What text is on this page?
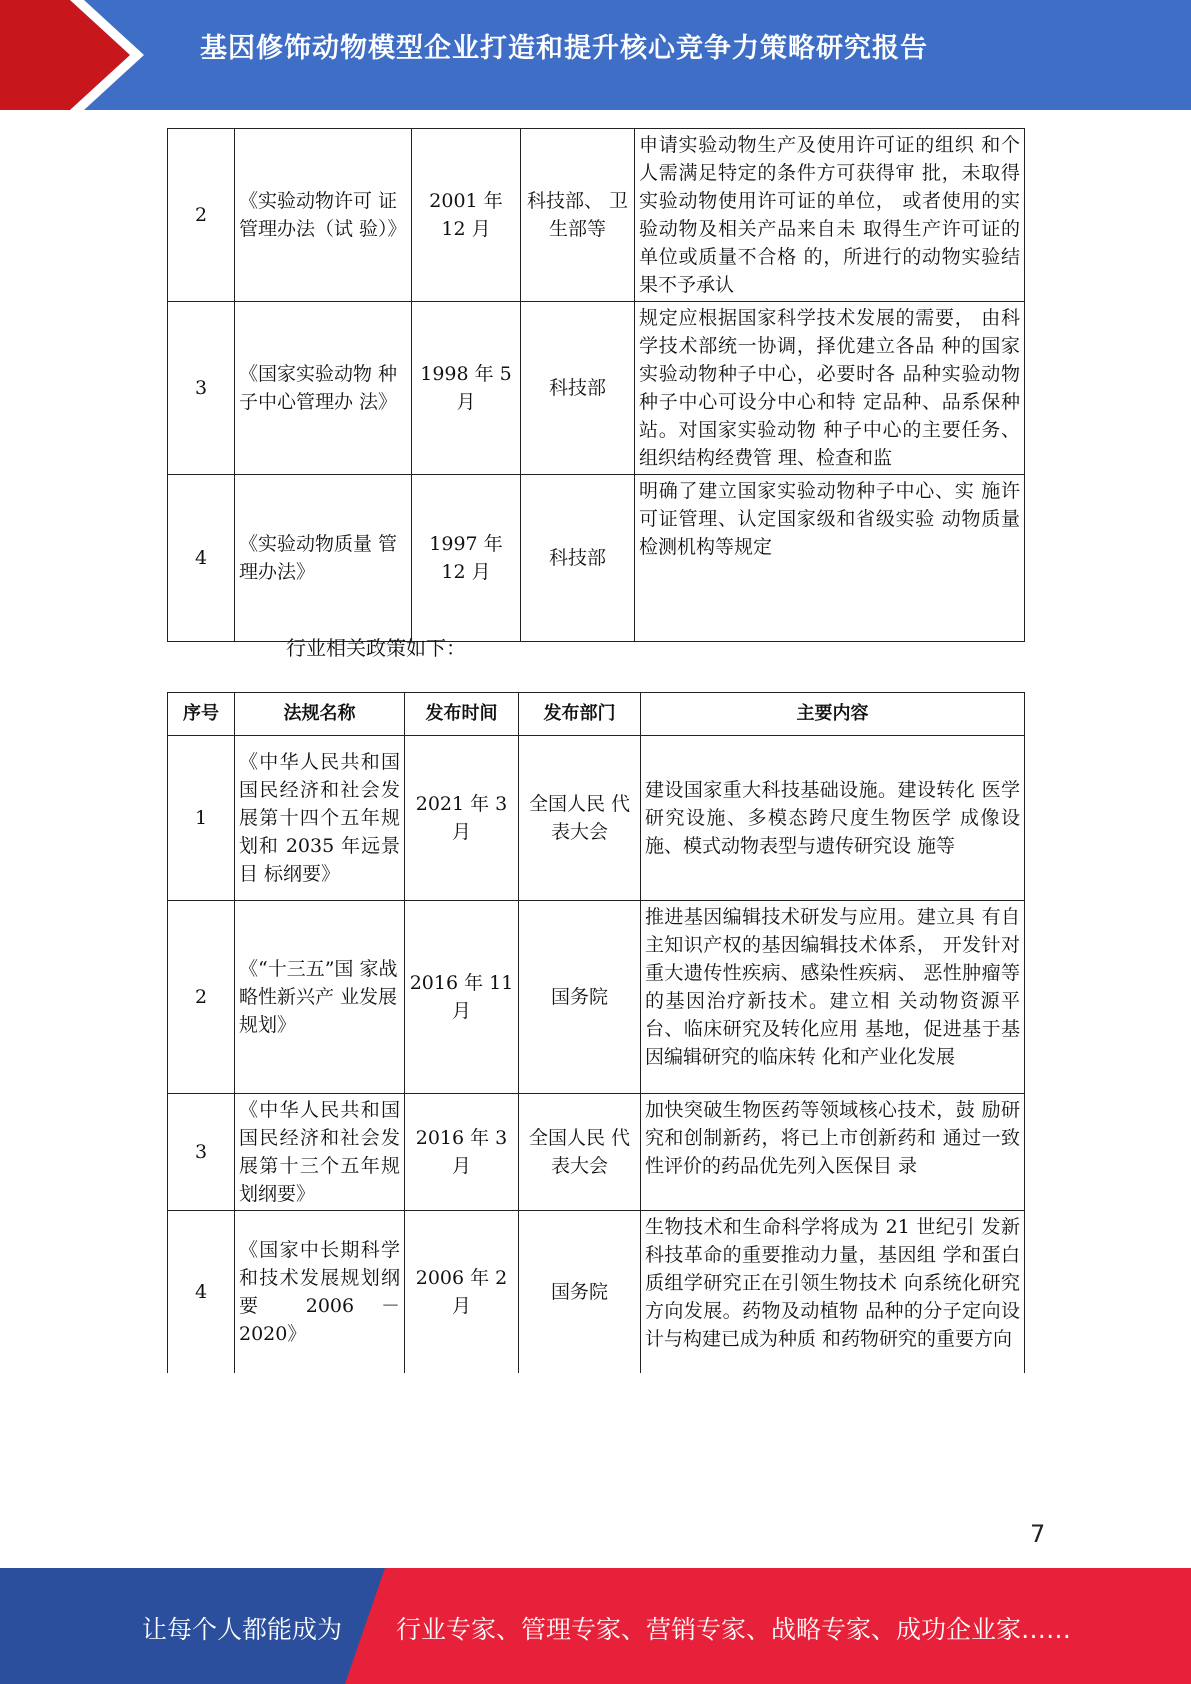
基因修饰动物模型企业打造和提升核心竞争力策略研究报告
2	《实验动物许可 证管理办法（试 验）》	2001 年 12 月	科技部、 卫生部等	申请实验动物生产及使用许可证的组织 和个人需满足特定的条件方可获得审 批，未取得实验动物使用许可证的单位， 或者使用的实验动物及相关产品来自未 取得生产许可证的单位或质量不合格 的，所进行的动物实验结果不予承认
3	《国家实验动物 种子中心管理办 法》	1998 年 5 月	科技部	规定应根据国家科学技术发展的需要， 由科学技术部统一协调，择优建立各品 种的国家实验动物种子中心，必要时各 品种实验动物种子中心可设分中心和特 定品种、品系保种站。对国家实验动物 种子中心的主要任务、组织结构经费管 理、检查和监
4	《实验动物质量 管理办法》	1997 年 12 月	科技部	明确了建立国家实验动物种子中心、实 施许可证管理、认定国家级和省级实验 动物质量检测机构等规定
行业相关政策如下：
序号	法规名称	发布时间	发布部门	主要内容
1	《中华人民共和国国民经济和社会发展第十四个五年规划和 2035 年远景目 标纲要》	2021 年 3 月	全国人民 代表大会	建设国家重大科技基础设施。建设转化 医学研究设施、多模态跨尺度生物医学 成像设施、模式动物表型与遗传研究设 施等
2	《“十三五”国 家战略性新兴产 业发展规划》	2016 年 11 月	国务院	推进基因编辑技术研发与应用。建立具 有自主知识产权的基因编辑技术体系， 开发针对重大遗传性疾病、感染性疾病、 恶性肿瘤等的基因治疗新技术。建立相 关动物资源平台、临床研究及转化应用 基地，促进基于基因编辑研究的临床转 化和产业化发展
3	《中华人民共和国国民经济和社会发展第十三个五年规划纲要》	2016 年 3 月	全国人民 代表大会	加快突破生物医药等领域核心技术，鼓 励研究和创制新药，将已上市创新药和 通过一致性评价的药品优先列入医保目 录
4	《国家中长期科学和技术发展规划纲要 2006 － 2020》	2006 年 2 月	国务院	生物技术和生命科学将成为 21 世纪引 发新科技革命的重要推动力量，基因组 学和蛋白质组学研究正在引领生物技术 向系统化研究方向发展。药物及动植物 品种的分子定向设计与构建已成为种质 和药物研究的重要方向
7
让每个人都能成为 行业专家、管理专家、营销专家、战略专家、成功企业家……
